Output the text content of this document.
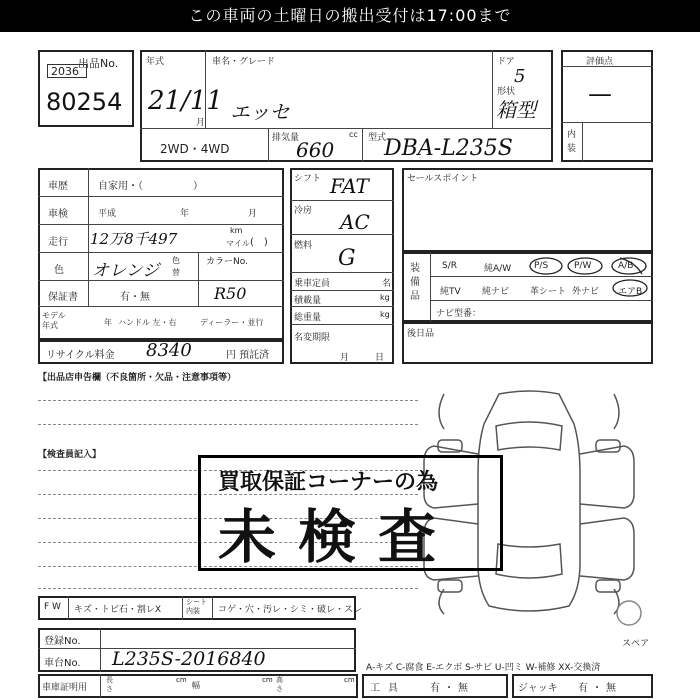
この車両の土曜日の搬出受付は17:00まで
出品No.
2036
80254
年式
21/11
月
車名・グレード
エッセ
ドア
5
形状
箱型
2WD・4WD
排気量	cc
660	型式
DBA-L235S
評価点
—
内装
車歴	自家用・（　　　　　）
車検	平成	年	月
走行 12万8千497	km
マイル (　)
色 オレンジ
色替
カラーNo.
保証書	有・無	R50
モデル年式	年 ハンドル 左・右	ディーラー・並行
リサイクル料金 8340	円 預託済
シフト FAT
冷房 AC
燃料 G
乗車定員	名
積載量	kg
総重量	kg
名変期限
月日
セールスポイント
装備品
S/R	純A/W	P/S	P/W	A/B
純TV 純ナビ 革シート 外ナビ エアB
ナビ型番：
後日品
【出品店申告欄（不良箇所・欠品・注意事項等）
【検査員記入】
スペア
買取保証コーナーの為
未検査
F W キズ・トビ石・割レX
シート内装	コゲ・穴・汚レ・シミ・破レ・スレ
登録No.
車台No. L235S-2016840	A-キズ C-腐食 E-エクボ S-サビ U-凹ミ W-補修 XX-交換済
車庫証明用
長さ
cm
幅
cm 高さ
cm
工具 有・無	ジャッキ 有・無
